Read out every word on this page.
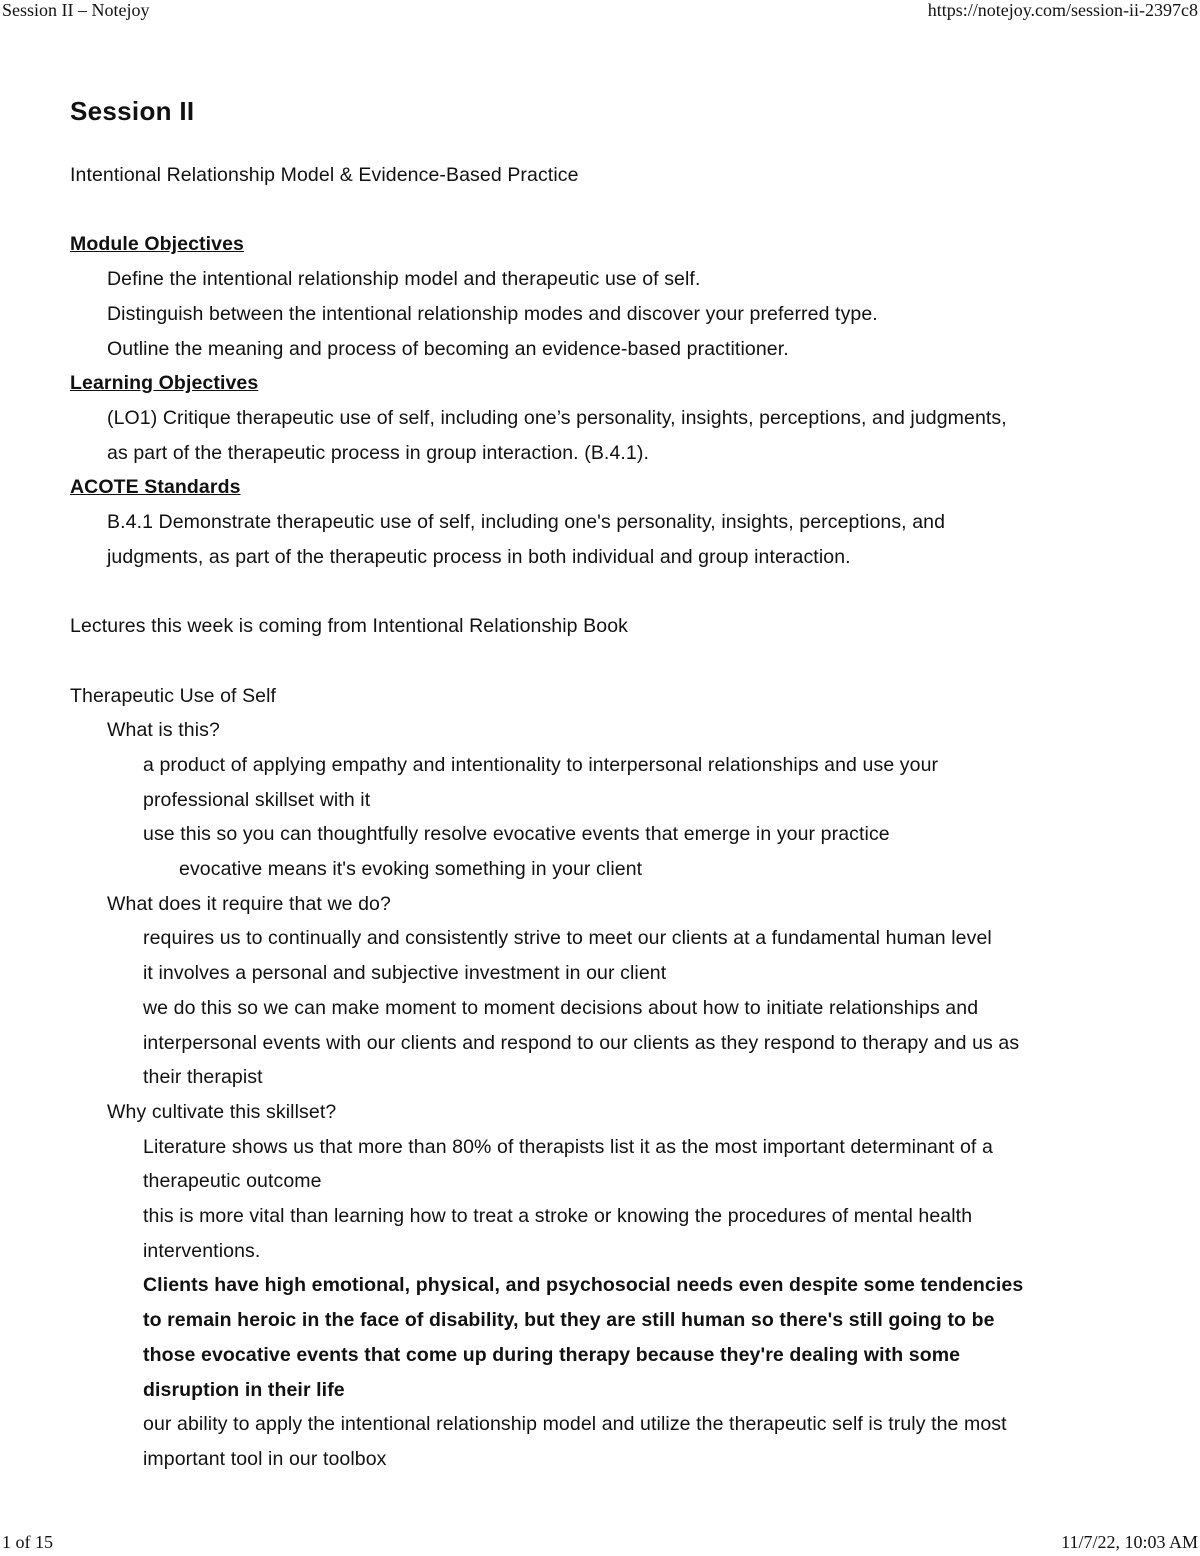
Session II – Notejoy	https://notejoy.com/session-ii-2397c8
Session II
Intentional Relationship Model & Evidence-Based Practice
Module Objectives
Define the intentional relationship model and therapeutic use of self.
Distinguish between the intentional relationship modes and discover your preferred type.
Outline the meaning and process of becoming an evidence-based practitioner.
Learning Objectives
(LO1) Critique therapeutic use of self, including one’s personality, insights, perceptions, and judgments,
as part of the therapeutic process in group interaction. (B.4.1).
ACOTE Standards
B.4.1 Demonstrate therapeutic use of self, including one's personality, insights, perceptions, and
judgments, as part of the therapeutic process in both individual and group interaction.
Lectures this week is coming from Intentional Relationship Book
Therapeutic Use of Self
What is this?
a product of applying empathy and intentionality to interpersonal relationships and use your
professional skillset with it
use this so you can thoughtfully resolve evocative events that emerge in your practice
evocative means it's evoking something in your client
What does it require that we do?
requires us to continually and consistently strive to meet our clients at a fundamental human level
it involves a personal and subjective investment in our client
we do this so we can make moment to moment decisions about how to initiate relationships and
interpersonal events with our clients and respond to our clients as they respond to therapy and us as
their therapist
Why cultivate this skillset?
Literature shows us that more than 80% of therapists list it as the most important determinant of a
therapeutic outcome
this is more vital than learning how to treat a stroke or knowing the procedures of mental health
interventions.
Clients have high emotional, physical, and psychosocial needs even despite some tendencies
to remain heroic in the face of disability, but they are still human so there's still going to be
those evocative events that come up during therapy because they're dealing with some
disruption in their life
our ability to apply the intentional relationship model and utilize the therapeutic self is truly the most
important tool in our toolbox
1 of 15	11/7/22, 10:03 AM
